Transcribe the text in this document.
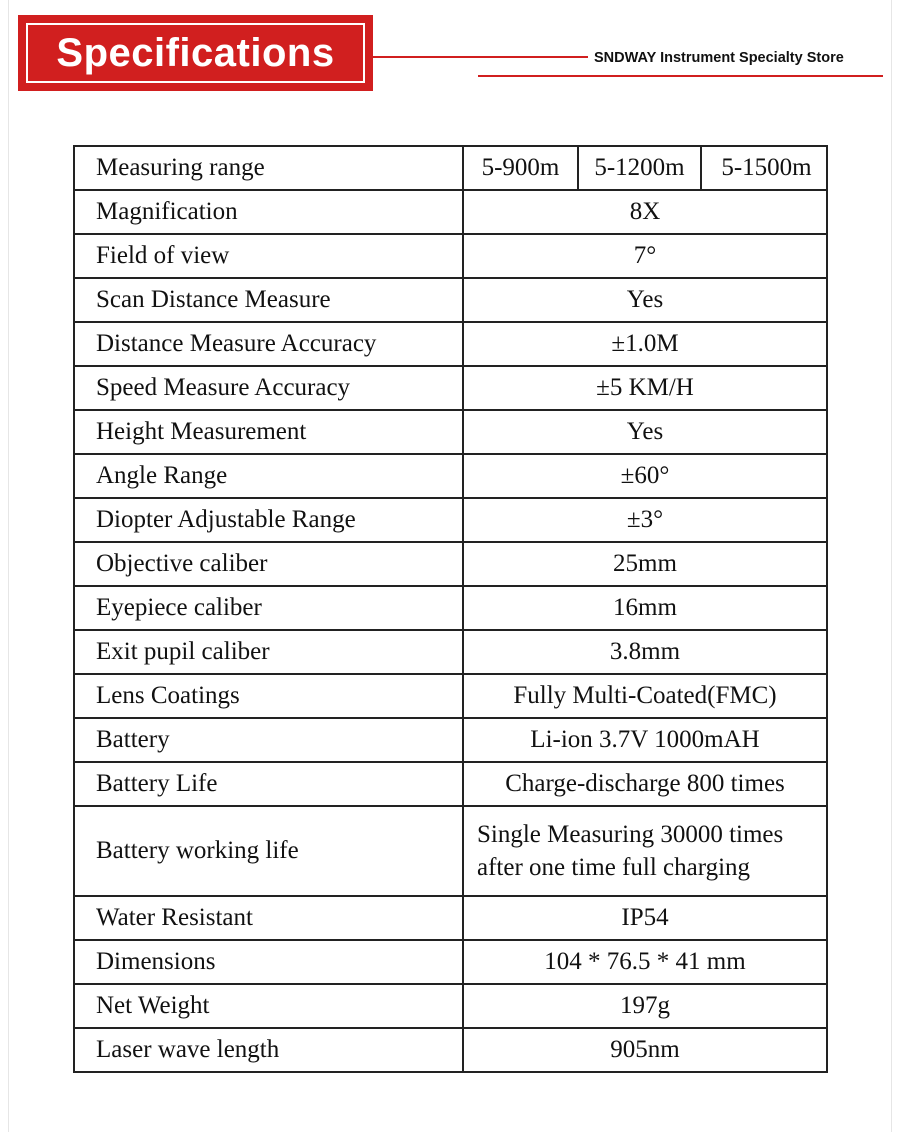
Specifications	SNDWAY Instrument Specialty Store
Measuring range	5-900m 5-1200m 5-1500m

Magnification	8X
Field of view	7°
Scan Distance Measure	Yes
Distance Measure Accuracy	±1.0M
Speed Measure Accuracy	±5 KM/H
Height Measurement	Yes
Angle Range	±60°
Diopter Adjustable Range	±3°
Objective caliber	25mm
Eyepiece caliber	16mm
Exit pupil caliber	3.8mm
Lens Coatings	Fully Multi-Coated(FMC)
Battery	Li-ion 3.7V 1000mAH
Battery Life	Charge-discharge 800 times
Battery working life	Single Measuring 30000 times
after one time full charging

Water Resistant	IP54
Dimensions	104 * 76.5 * 41 mm
Net Weight	197g
Laser wave length	905nm
